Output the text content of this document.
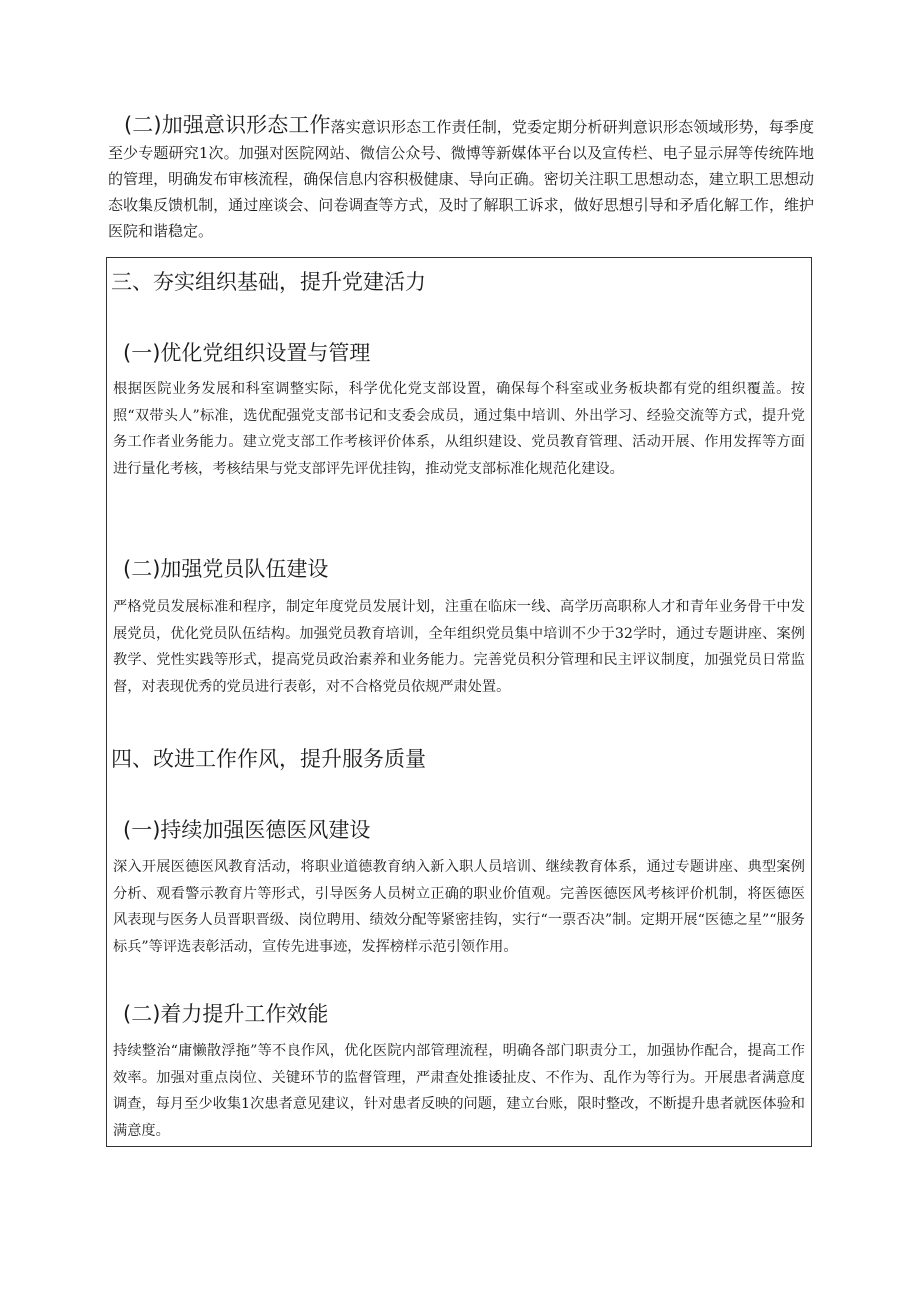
(二)加强意识形态工作落实意识形态工作责任制，党委定期分析研判意识形态领域形势，每季度至少专题研究1次。加强对医院网站、微信公众号、微博等新媒体平台以及宣传栏、电子显示屏等传统阵地的管理，明确发布审核流程，确保信息内容积极健康、导向正确。密切关注职工思想动态，建立职工思想动态收集反馈机制，通过座谈会、问卷调查等方式，及时了解职工诉求，做好思想引导和矛盾化解工作，维护医院和谐稳定。
三、夯实组织基础，提升党建活力
(一)优化党组织设置与管理
根据医院业务发展和科室调整实际，科学优化党支部设置，确保每个科室或业务板块都有党的组织覆盖。按照“双带头人”标准，选优配强党支部书记和支委会成员，通过集中培训、外出学习、经验交流等方式，提升党务工作者业务能力。建立党支部工作考核评价体系，从组织建设、党员教育管理、活动开展、作用发挥等方面进行量化考核，考核结果与党支部评先评优挂钩，推动党支部标准化规范化建设。
(二)加强党员队伍建设
严格党员发展标准和程序，制定年度党员发展计划，注重在临床一线、高学历高职称人才和青年业务骨干中发展党员，优化党员队伍结构。加强党员教育培训，全年组织党员集中培训不少于32学时，通过专题讲座、案例教学、党性实践等形式，提高党员政治素养和业务能力。完善党员积分管理和民主评议制度，加强党员日常监督，对表现优秀的党员进行表彰，对不合格党员依规严肃处置。
四、改进工作作风，提升服务质量
(一)持续加强医德医风建设
深入开展医德医风教育活动，将职业道德教育纳入新入职人员培训、继续教育体系，通过专题讲座、典型案例分析、观看警示教育片等形式，引导医务人员树立正确的职业价值观。完善医德医风考核评价机制，将医德医风表现与医务人员晋职晋级、岗位聘用、绩效分配等紧密挂钩，实行“一票否决”制。定期开展“医德之星”“服务标兵”等评选表彰活动，宣传先进事迹，发挥榜样示范引领作用。
(二)着力提升工作效能
持续整治“庸懒散浮拖”等不良作风，优化医院内部管理流程，明确各部门职责分工，加强协作配合，提高工作效率。加强对重点岗位、关键环节的监督管理，严肃查处推诿扯皮、不作为、乱作为等行为。开展患者满意度调查，每月至少收集1次患者意见建议，针对患者反映的问题，建立台账，限时整改，不断提升患者就医体验和满意度。
